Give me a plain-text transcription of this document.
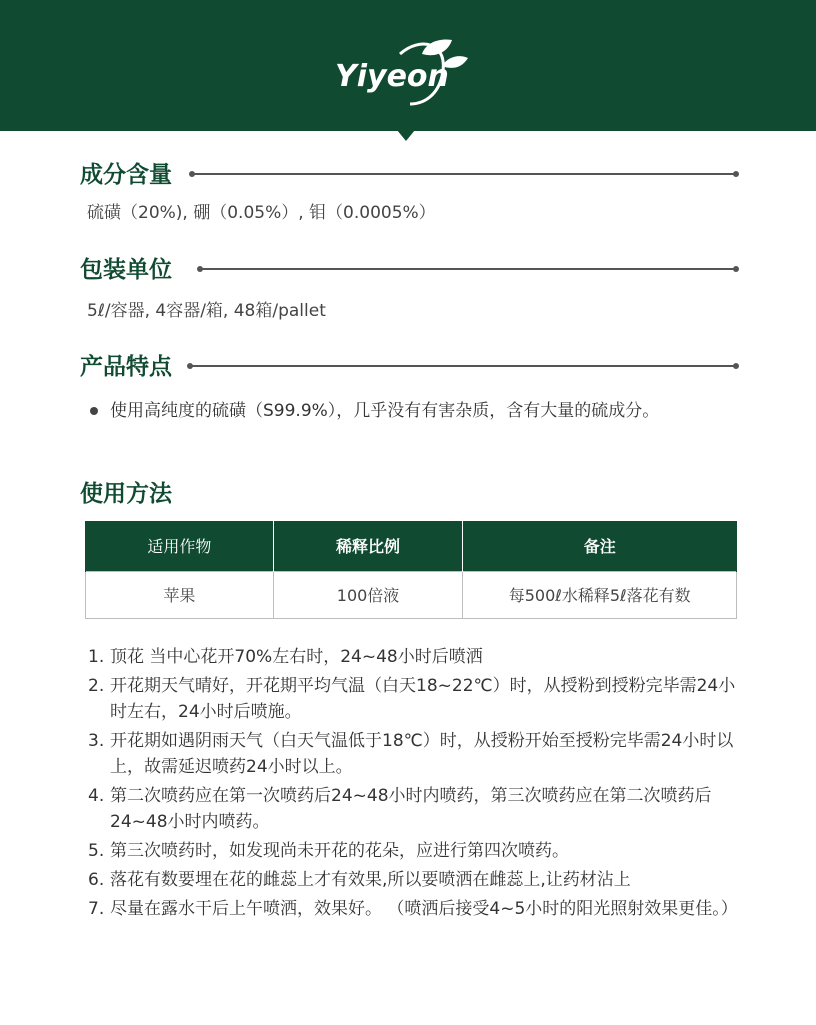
Yiyeon
成分含量
硫磺（20%), 硼（0.05%）, 钼（0.0005%）
包装单位
5ℓ/容器, 4容器/箱, 48箱/pallet
产品特点
使用高纯度的硫磺（S99.9%），几乎没有有害杂质，含有大量的硫成分。
使用方法
适用作物	稀释比例	备注
苹果	100倍液	每500ℓ水稀释5ℓ落花有数
1. 顶花 当中心花开70%左右时，24~48小时后喷洒
2. 开花期天气晴好，开花期平均气温（白天18~22℃）时，从授粉到授粉完毕需24小时左右，24小时后喷施。
3. 开花期如遇阴雨天气（白天气温低于18℃）时，从授粉开始至授粉完毕需24小时以上，故需延迟喷药24小时以上。
4. 第二次喷药应在第一次喷药后24~48小时内喷药，第三次喷药应在第二次喷药后24~48小时内喷药。
5. 第三次喷药时，如发现尚未开花的花朵，应进行第四次喷药。
6. 落花有数要埋在花的雌蕊上才有效果,所以要喷洒在雌蕊上,让药材沾上
7. 尽量在露水干后上午喷洒，效果好。 （喷洒后接受4~5小时的阳光照射效果更佳。）
